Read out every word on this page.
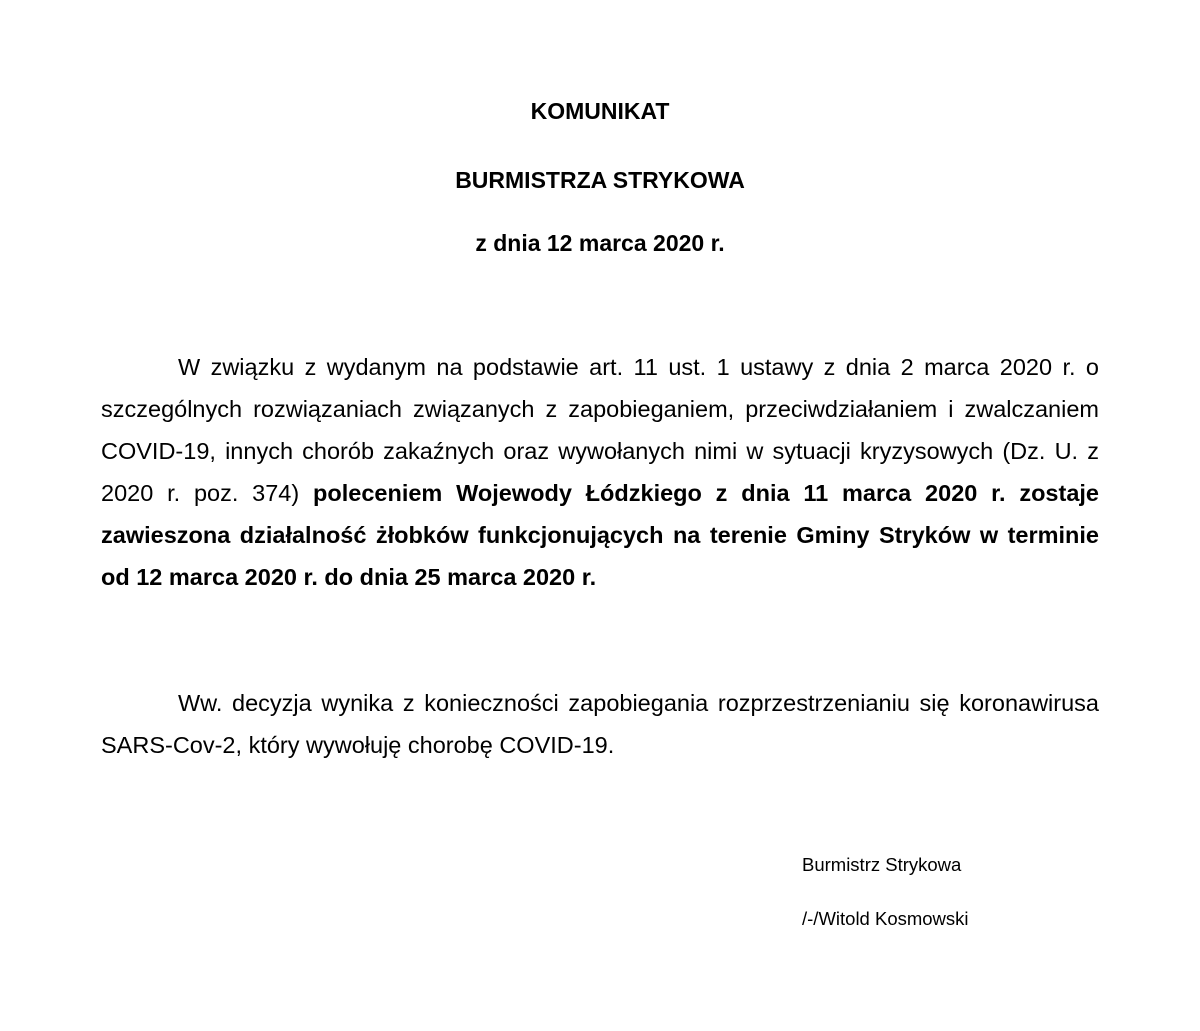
KOMUNIKAT
BURMISTRZA STRYKOWA
z dnia 12 marca 2020 r.

W związku z wydanym na podstawie art. 11 ust. 1 ustawy z dnia 2 marca 2020 r. o szczególnych rozwiązaniach związanych z zapobieganiem, przeciwdziałaniem i zwalczaniem COVID-19, innych chorób zakaźnych oraz wywołanych nimi w sytuacji kryzysowych (Dz. U. z 2020 r. poz. 374) poleceniem Wojewody Łódzkiego z dnia 11 marca 2020 r. zostaje zawieszona działalność żłobków funkcjonujących na terenie Gminy Stryków w terminie od 12 marca 2020 r. do dnia 25 marca 2020 r.

Ww. decyzja wynika z konieczności zapobiegania rozprzestrzenianiu się koronawirusa SARS-Cov-2, który wywołuję chorobę COVID-19.

Burmistrz Strykowa
/-/Witold Kosmowski
